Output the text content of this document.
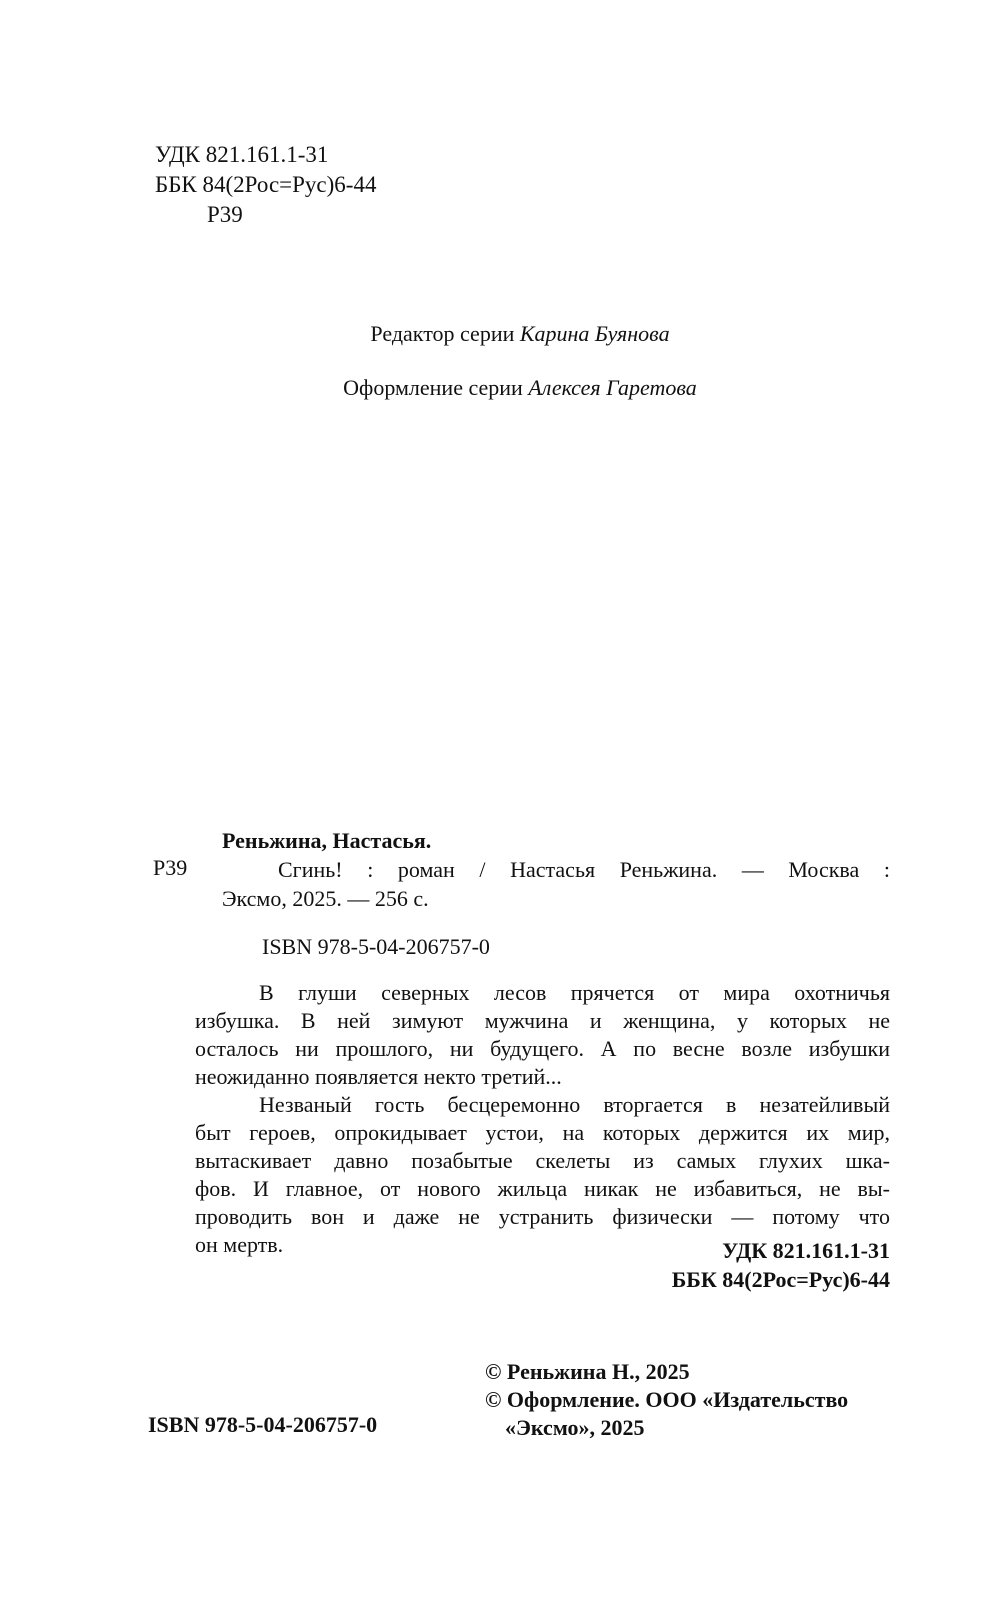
УДК 821.161.1-31
ББК 84(2Рос=Рус)6-44
Р39
Редактор серии Карина Буянова
Оформление серии Алексея Гаретова
Р39
Реньжина, Настасья.
Сгинь! : роман / Настасья Реньжина. — Москва :
Эксмо, 2025. — 256 с.
ISBN 978-5-04-206757-0
В глуши северных лесов прячется от мира охотничья
избушка. В ней зимуют мужчина и женщина, у которых не
осталось ни прошлого, ни будущего. А по весне возле избушки
неожиданно появляется некто третий...
Незваный гость бесцеремонно вторгается в незатейливый
быт героев, опрокидывает устои, на которых держится их мир,
вытаскивает давно позабытые скелеты из самых глухих шка-
фов. И главное, от нового жильца никак не избавиться, не вы-
проводить вон и даже не устранить физически — потому что
он мертв.	УДК 821.161.1-31
ББК 84(2Рос=Рус)6-44
© Реньжина Н., 2025
© Оформление. ООО «Издательство
«Эксмо», 2025
ISBN 978-5-04-206757-0
